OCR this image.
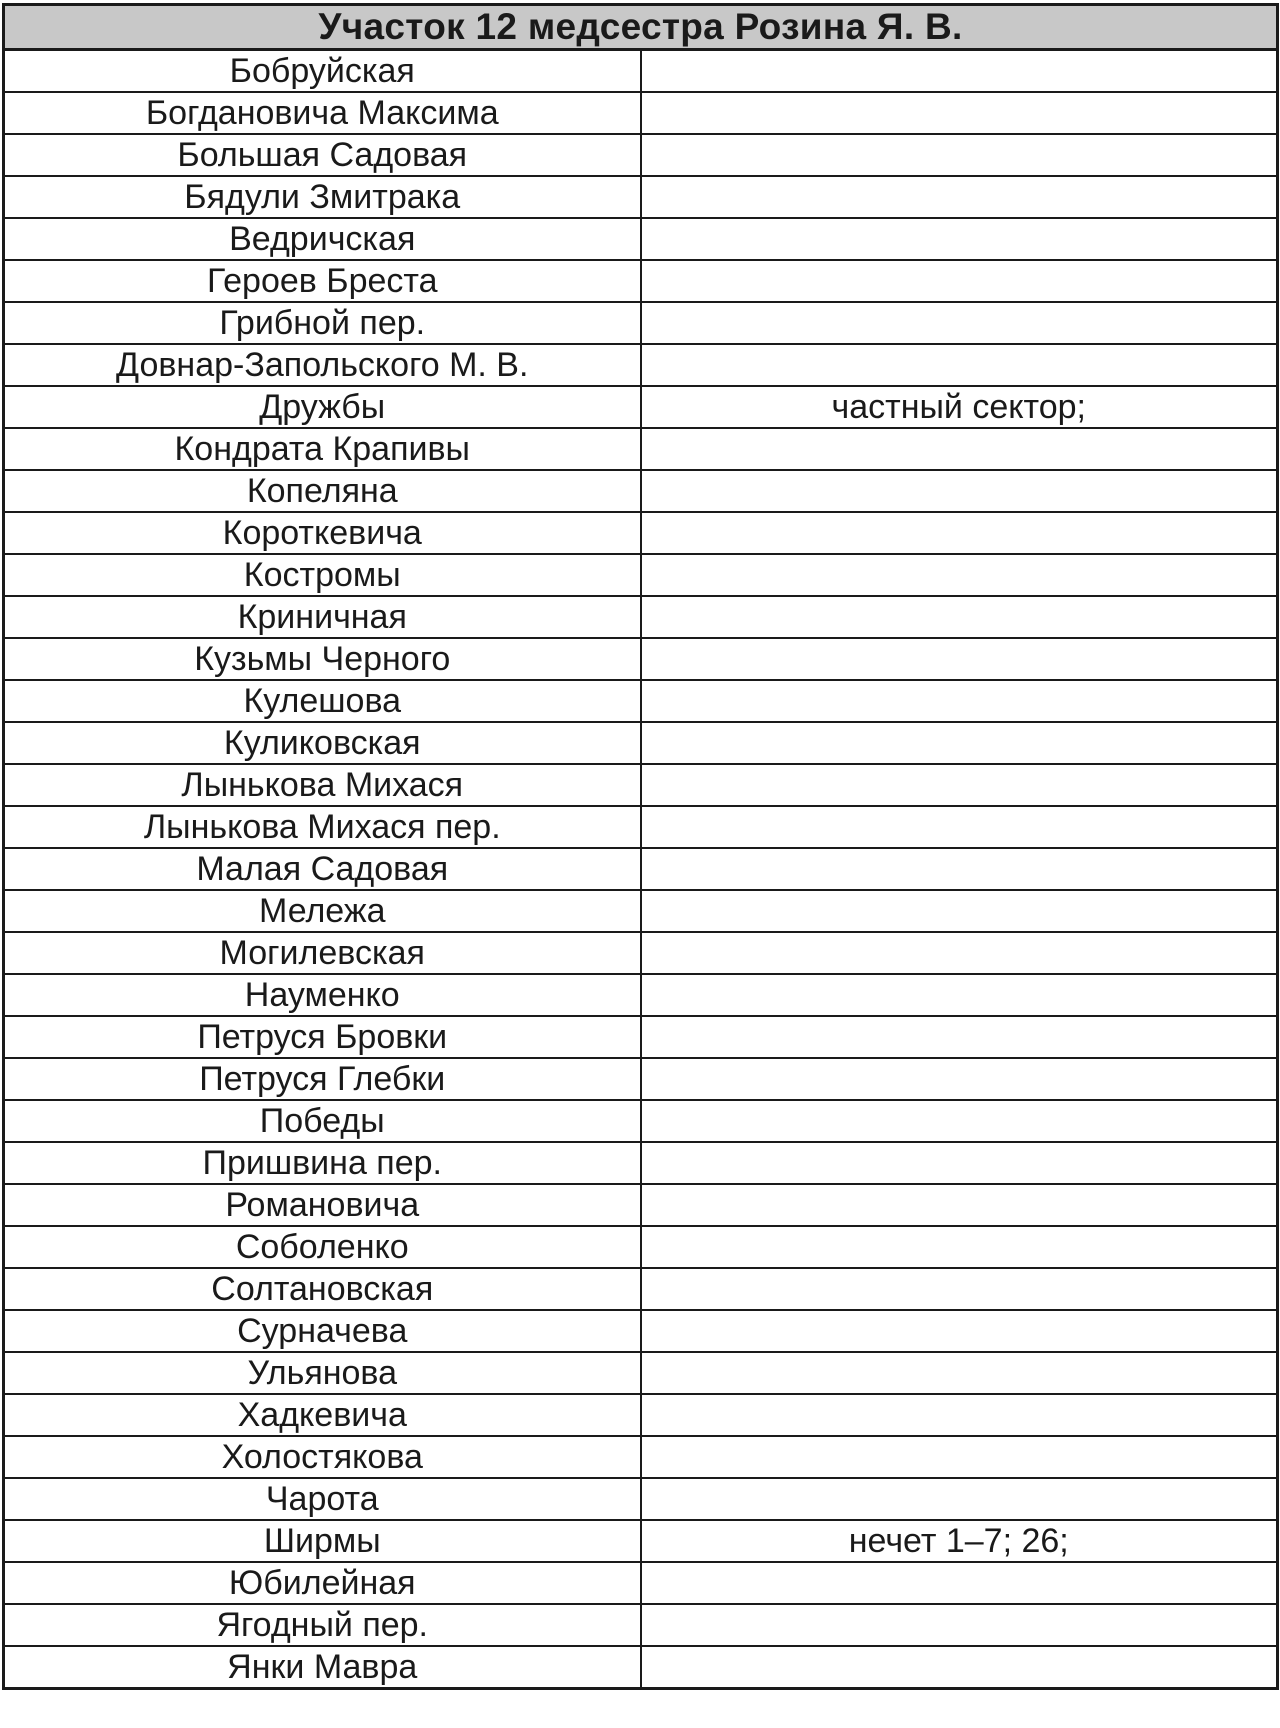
Участок 12 медсестра Розина Я. В.	
Бобруйская	
Богдановича Максима	
Большая Садовая	
Бядули Змитрака	
Ведричская	
Героев Бреста	
Грибной пер.	
Довнар-Запольского М. В.	
Дружбы	частный сектор;
Кондрата Крапивы	
Копеляна	
Короткевича	
Костромы	
Криничная	
Кузьмы Черного	
Кулешова	
Куликовская	
Лынькова Михася	
Лынькова Михася пер.	
Малая Садовая	
Мележа	
Могилевская	
Науменко	
Петруся Бровки	
Петруся Глебки	
Победы	
Пришвина пер.	
Романовича	
Соболенко	
Солтановская	
Сурначева	
Ульянова	
Хадкевича	
Холостякова	
Чарота	
Ширмы	нечет 1–7; 26;
Юбилейная	
Ягодный пер.	
Янки Мавра	
